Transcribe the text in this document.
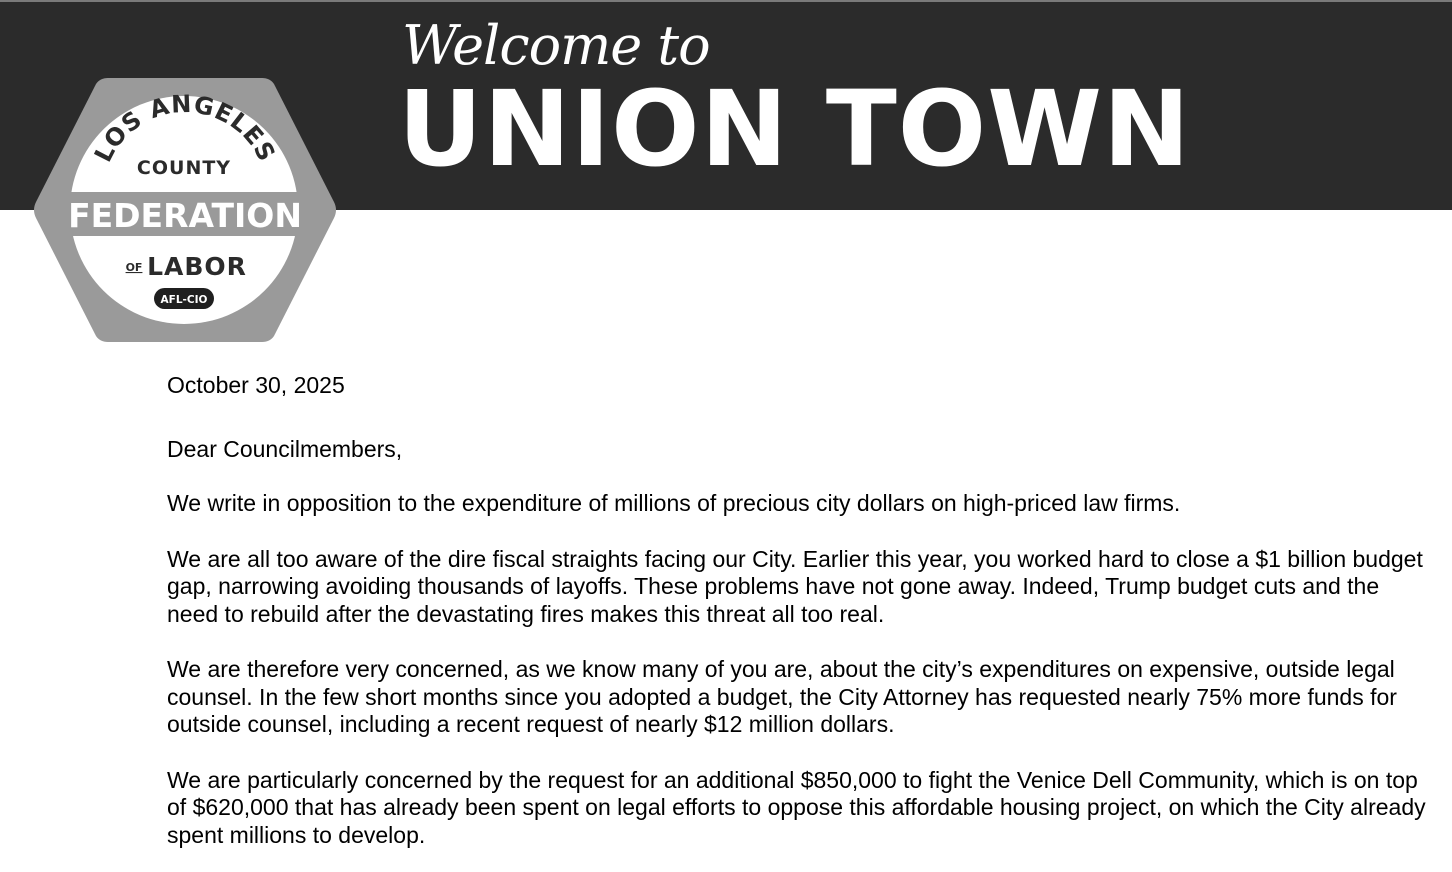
Welcome to
UNION TOWN
LOS ANGELES
COUNTY
FEDERATION
OF LABOR
AFL-CIO

October 30, 2025

Dear Councilmembers,

We write in opposition to the expenditure of millions of precious city dollars on high-priced law firms.

We are all too aware of the dire fiscal straights facing our City. Earlier this year, you worked hard to close a $1 billion budget gap, narrowing avoiding thousands of layoffs. These problems have not gone away. Indeed, Trump budget cuts and the need to rebuild after the devastating fires makes this threat all too real.

We are therefore very concerned, as we know many of you are, about the city’s expenditures on expensive, outside legal counsel. In the few short months since you adopted a budget, the City Attorney has requested nearly 75% more funds for outside counsel, including a recent request of nearly $12 million dollars.

We are particularly concerned by the request for an additional $850,000 to fight the Venice Dell Community, which is on top of $620,000 that has already been spent on legal efforts to oppose this affordable housing project, on which the City already spent millions to develop.
